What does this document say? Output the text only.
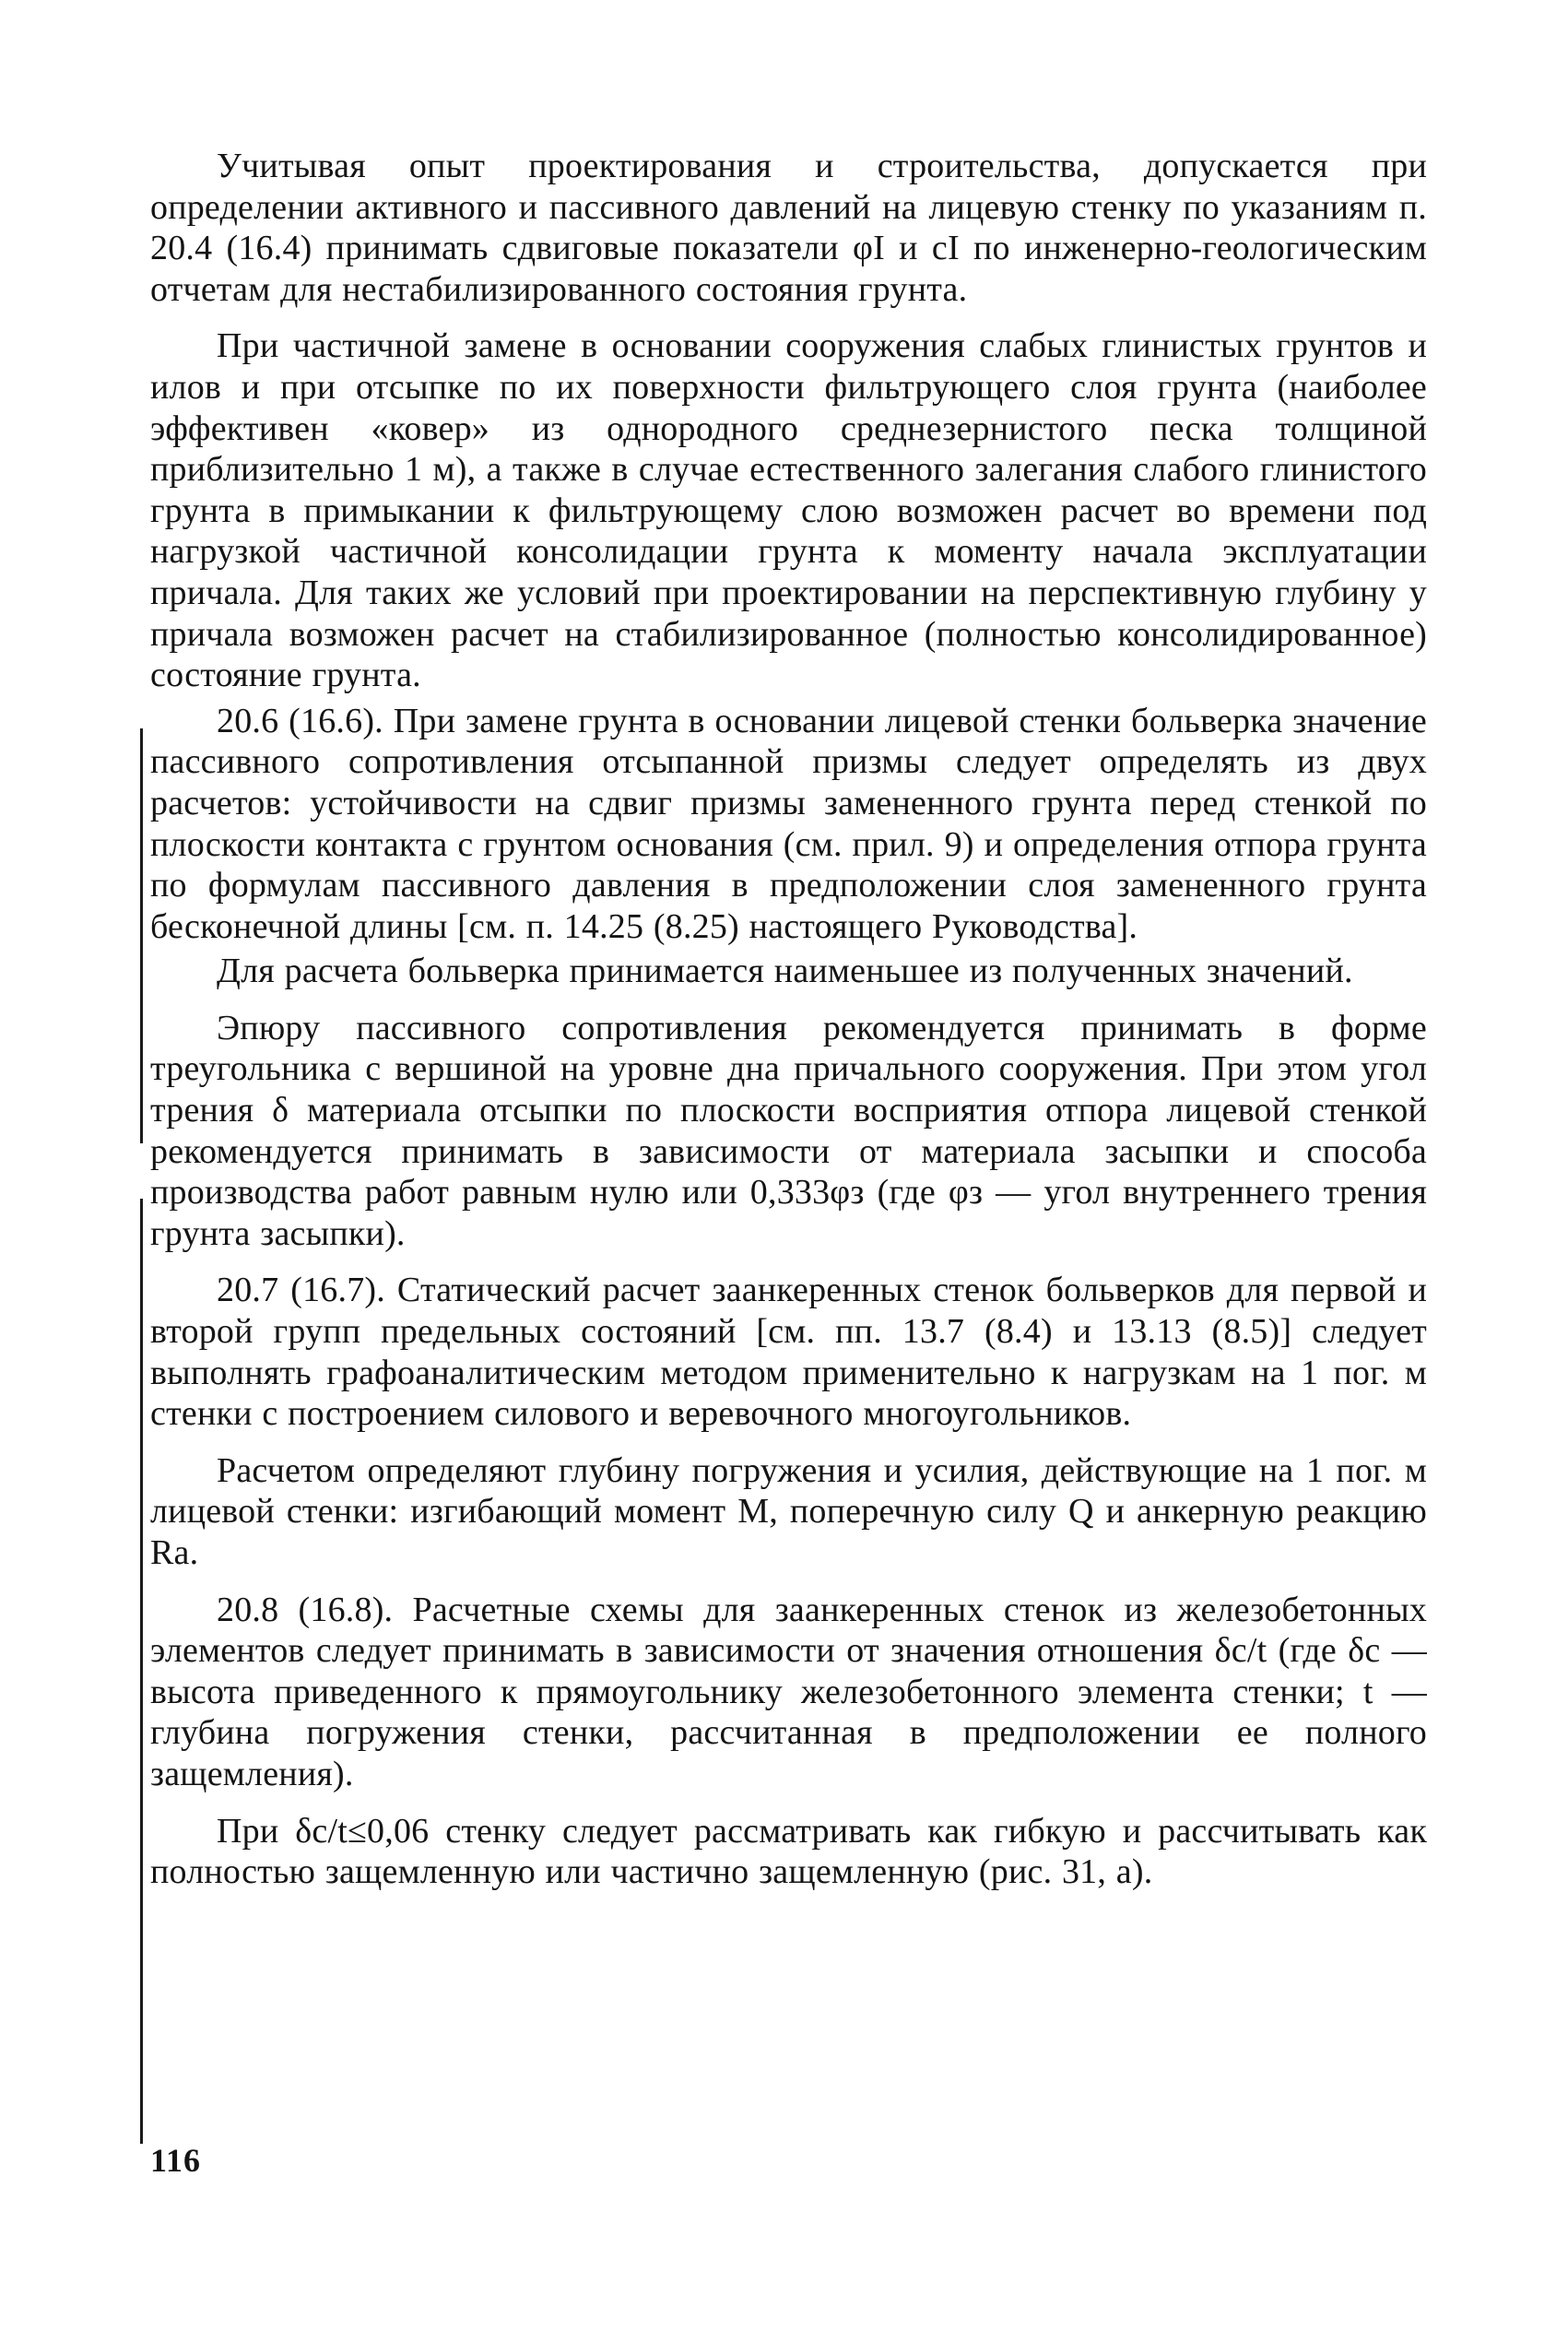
Учитывая опыт проектирования и строительства, допускается при определении активного и пассивного давлений на лицевую стенку по указаниям п. 20.4 (16.4) принимать сдвиговые показатели φI и cI по инженерно-геологическим отчетам для нестабилизированного состояния грунта.

При частичной замене в основании сооружения слабых глинистых грунтов и илов и при отсыпке по их поверхности фильтрующего слоя грунта (наиболее эффективен «ковер» из однородного среднезернистого песка толщиной приблизительно 1 м), а также в случае естественного залегания слабого глинистого грунта в примыкании к фильтрующему слою возможен расчет во времени под нагрузкой частичной консолидации грунта к моменту начала эксплуатации причала. Для таких же условий при проектировании на перспективную глубину у причала возможен расчет на стабилизированное (полностью консолидированное) состояние грунта.

20.6 (16.6). При замене грунта в основании лицевой стенки больверка значение пассивного сопротивления отсыпанной призмы следует определять из двух расчетов: устойчивости на сдвиг призмы замененного грунта перед стенкой по плоскости контакта с грунтом основания (см. прил. 9) и определения отпора грунта по формулам пассивного давления в предположении слоя замененного грунта бесконечной длины [см. п. 14.25 (8.25) настоящего Руководства].

Для расчета больверка принимается наименьшее из полученных значений.

Эпюру пассивного сопротивления рекомендуется принимать в форме треугольника с вершиной на уровне дна причального сооружения. При этом угол трения δ материала отсыпки по плоскости восприятия отпора лицевой стенкой рекомендуется принимать в зависимости от материала засыпки и способа производства работ равным нулю или 0,333φз (где φз — угол внутреннего трения грунта засыпки).

20.7 (16.7). Статический расчет заанкеренных стенок больверков для первой и второй групп предельных состояний [см. пп. 13.7 (8.4) и 13.13 (8.5)] следует выполнять графоаналитическим методом применительно к нагрузкам на 1 пог. м стенки с построением силового и веревочного многоугольников.

Расчетом определяют глубину погружения и усилия, действующие на 1 пог. м лицевой стенки: изгибающий момент M, поперечную силу Q и анкерную реакцию Ra.

20.8 (16.8). Расчетные схемы для заанкеренных стенок из железобетонных элементов следует принимать в зависимости от значения отношения δc/t (где δc — высота приведенного к прямоугольнику железобетонного элемента стенки; t — глубина погружения стенки, рассчитанная в предположении ее полного защемления).

При δc/t≤0,06 стенку следует рассматривать как гибкую и рассчитывать как полностью защемленную или частично защемленную (рис. 31, a).

116
